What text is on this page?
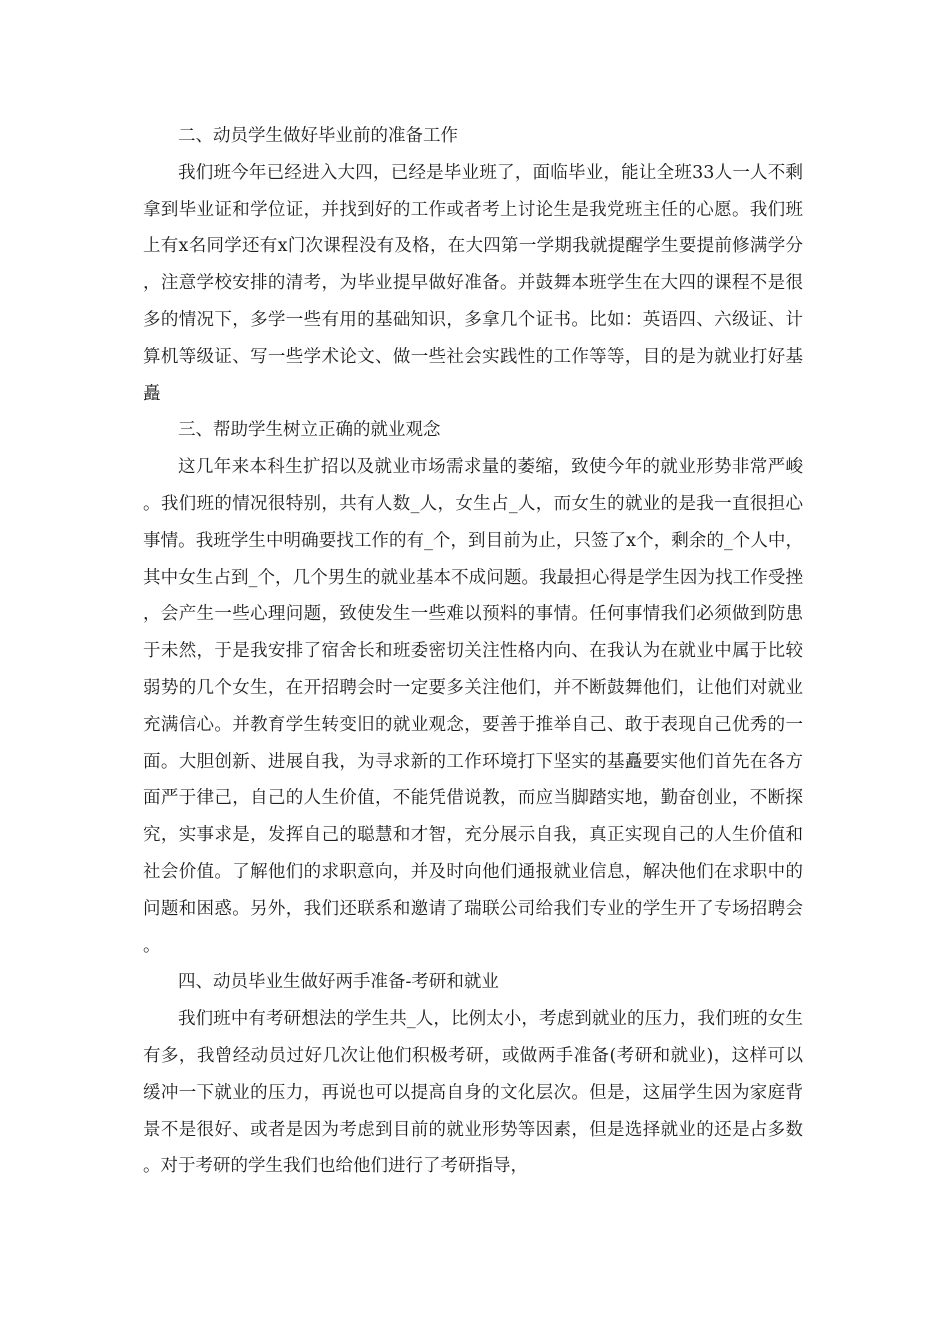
二、动员学生做好毕业前的准备工作

我们班今年已经进入大四，已经是毕业班了，面临毕业，能让全班33人一人不剩拿到毕业证和学位证，并找到好的工作或者考上讨论生是我党班主任的心愿。我们班上有x名同学还有x门次课程没有及格，在大四第一学期我就提醒学生要提前修满学分，注意学校安排的清考，为毕业提早做好准备。并鼓舞本班学生在大四的课程不是很多的情况下，多学一些有用的基础知识，多拿几个证书。比如：英语四、六级证、计算机等级证、写一些学术论文、做一些社会实践性的工作等等，目的是为就业打好基矗

三、帮助学生树立正确的就业观念

这几年来本科生扩招以及就业市场需求量的萎缩，致使今年的就业形势非常严峻。我们班的情况很特别，共有人数_人，女生占_人，而女生的就业的是我一直很担心事情。我班学生中明确要找工作的有_个，到目前为止，只签了x个，剩余的_个人中，其中女生占到_个，几个男生的就业基本不成问题。我最担心得是学生因为找工作受挫，会产生一些心理问题，致使发生一些难以预料的事情。任何事情我们必须做到防患于未然，于是我安排了宿舍长和班委密切关注性格内向、在我认为在就业中属于比较弱势的几个女生，在开招聘会时一定要多关注他们，并不断鼓舞他们，让他们对就业充满信心。并教育学生转变旧的就业观念，要善于推举自己、敢于表现自己优秀的一面。大胆创新、进展自我，为寻求新的工作环境打下坚实的基矗要实他们首先在各方面严于律己，自己的人生价值，不能凭借说教，而应当脚踏实地，勤奋创业，不断探究，实事求是，发挥自己的聪慧和才智，充分展示自我，真正实现自己的人生价值和社会价值。了解他们的求职意向，并及时向他们通报就业信息，解决他们在求职中的问题和困惑。另外，我们还联系和邀请了瑞联公司给我们专业的学生开了专场招聘会。

四、动员毕业生做好两手准备-考研和就业

我们班中有考研想法的学生共_人，比例太小，考虑到就业的压力，我们班的女生有多，我曾经动员过好几次让他们积极考研，或做两手准备(考研和就业)，这样可以缓冲一下就业的压力，再说也可以提高自身的文化层次。但是，这届学生因为家庭背景不是很好、或者是因为考虑到目前的就业形势等因素，但是选择就业的还是占多数。对于考研的学生我们也给他们进行了考研指导，
